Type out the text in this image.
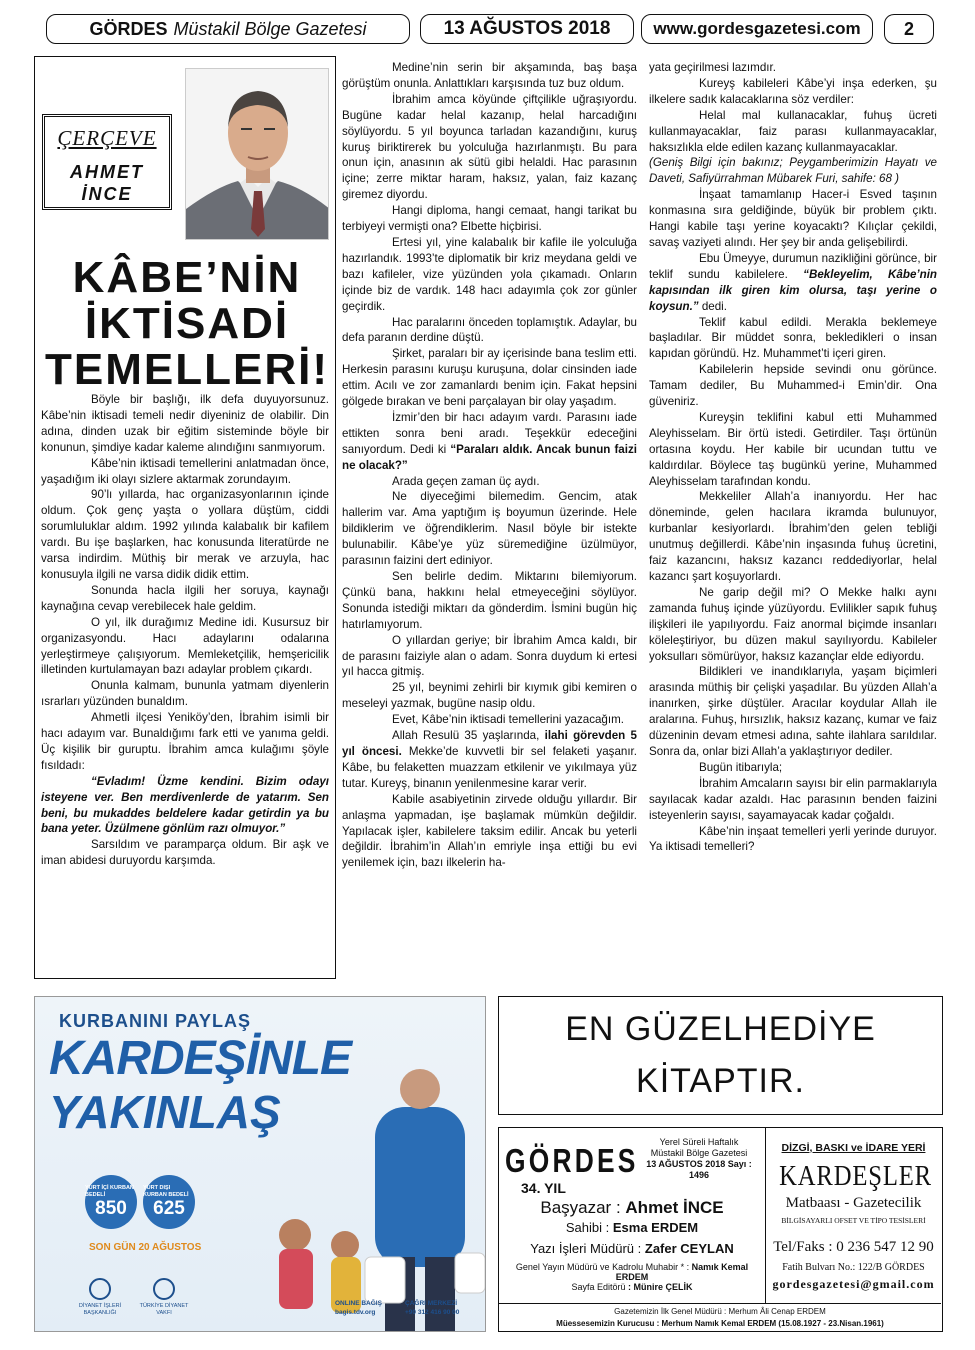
GÖRDES Müstakil Bölge Gazetesi	13 AĞUSTOS 2018	www.gordesgazetesi.com	2
ÇERÇEVE
AHMET
İNCE
KÂBE’NİN
İKTİSADİ
TEMELLERİ!

Böyle bir başlığı, ilk defa duyuyorsunuz. Kâbe’nin iktisadi temeli nedir diyeniniz de olabilir. Din adına, dinden uzak bir eğitim sisteminde böyle bir konunun, şimdiye kadar kaleme alındığını sanmıyorum.

Kâbe’nin iktisadi temellerini anlatmadan önce, yaşadığım iki olayı sizlere aktarmak zorundayım.

90’lı yıllarda, hac organizasyonlarının içinde oldum. Çok genç yaşta o yollara düştüm, ciddi sorumluluklar aldım. 1992 yılında kalabalık bir kafilem vardı. Bu işe başlarken, hac konusunda literatürde ne varsa indirdim. Müthiş bir merak ve arzuyla, hac konusuyla ilgili ne varsa didik didik ettim.

Sonunda hacla ilgili her soruya, kaynağı kaynağına cevap verebilecek hale geldim.

O yıl, ilk durağımız Medine idi. Kusursuz bir organizasyondu. Hacı adaylarını odalarına yerleştirmeye çalışıyorum. Memleketçilik, hemşericilik illetinden kurtulamayan bazı adaylar problem çıkardı.

Onunla kalmam, bununla yatmam diyenlerin ısrarları yüzünden bunaldım.

Ahmetli ilçesi Yeniköy’den, İbrahim isimli bir hacı adayım var. Bunaldığımı fark etti ve yanıma geldi. Üç kişilik bir guruptu. İbrahim amca kulağımı şöyle fısıldadı:

“Evladım! Üzme kendini. Bizim odayı isteyene ver. Ben merdivenlerde de yatarım. Sen beni, bu mukaddes beldelere kadar getirdin ya bu bana yeter. Üzülmene gönlüm razı olmuyor.”

Sarsıldım ve paramparça oldum. Bir aşk ve iman abidesi duruyordu karşımda.

Medine’nin serin bir akşamında, baş başa görüştüm onunla. Anlattıkları karşısında tuz buz oldum.

İbrahim amca köyünde çiftçilikle uğraşıyordu. Bugüne kadar helal kazanıp, helal harcadığını söylüyordu. 5 yıl boyunca tarladan kazandığını, kuruş kuruş biriktirerek bu yolculuğa hazırlanmıştı. Bu para onun için, anasının ak sütü gibi helaldi. Hac parasının içine; zerre miktar haram, haksız, yalan, faiz kazanç giremez diyordu.

Hangi diploma, hangi cemaat, hangi tarikat bu terbiyeyi vermişti ona? Elbette hiçbirisi.

Ertesi yıl, yine kalabalık bir kafile ile yolculuğa hazırlandık. 1993’te diplomatik bir kriz meydana geldi ve bazı kafileler, vize yüzünden yola çıkamadı. Onların içinde biz de vardık. 148 hacı adayımla çok zor günler geçirdik.

Hac paralarını önceden toplamıştık. Adaylar, bu defa paranın derdine düştü.

Şirket, paraları bir ay içerisinde bana teslim etti. Herkesin parasını kuruşu kuruşuna, dolar cinsinden iade ettim. Acılı ve zor zamanlardı benim için. Fakat hepsini gölgede bırakan ve beni parçalayan bir olay yaşadım.

İzmir’den bir hacı adayım vardı. Parasını iade ettikten sonra beni aradı. Teşekkür edeceğini sanıyordum. Dedi ki “Paraları aldık. Ancak bunun faizi ne olacak?”

Arada geçen zaman üç aydı.

Ne diyeceğimi bilemedim. Gencim, atak hallerim var. Ama yaptığım iş boyumun üzerinde. Hele bildiklerim ve öğrendiklerim. Nasıl böyle bir istekte bulunabilir. Kâbe’ye yüz süremediğine üzülmüyor, parasının faizini dert ediniyor.

Sen belirle dedim. Miktarını bilemiyorum. Çünkü bana, hakkını helal etmeyeceğini söylüyor. Sonunda istediği miktarı da gönderdim. İsmini bugün hiç hatırlamıyorum.

O yıllardan geriye; bir İbrahim Amca kaldı, bir de parasını faiziyle alan o adam. Sonra duydum ki ertesi yıl hacca gitmiş.

25 yıl, beynimi zehirli bir kıymık gibi kemiren o meseleyi yazmak, bugüne nasip oldu.

Evet, Kâbe’nin iktisadi temellerini yazacağım.

Allah Resulü 35 yaşlarında, ilahi görevden 5 yıl öncesi. Mekke’de kuvvetli bir sel felaketi yaşanır. Kâbe, bu felaketten muazzam etkilenir ve yıkılmaya yüz tutar. Kureyş, binanın yenilenmesine karar verir.

Kabile asabiyetinin zirvede olduğu yıllardır. Bir anlaşma yapmadan, işe başlamak mümkün değildir. Yapılacak işler, kabilelere taksim edilir. Ancak bu yeterli değildir. İbrahim’in Allah’ın emriyle inşa ettiği bu evi yenilemek için, bazı ilkelerin ha-

yata geçirilmesi lazımdır.

Kureyş kabileleri Kâbe’yi inşa ederken, şu ilkelere sadık kalacaklarına söz verdiler:

Helal mal kullanacaklar, fuhuş ücreti kullanmayacaklar, faiz parası kullanmayacaklar, haksızlıkla elde edilen kazanç kullanmayacaklar.

(Geniş Bilgi için bakınız; Peygamberimizin Hayatı ve Daveti, Safiyürrahman Mübarek Furi, sahife: 68 )

İnşaat tamamlanıp Hacer-i Esved taşının konmasına sıra geldiğinde, büyük bir problem çıktı. Hangi kabile taşı yerine koyacaktı? Kılıçlar çekildi, savaş vaziyeti alındı. Her şey bir anda gelişebilirdi.

Ebu Ümeyye, durumun nazikliğini görünce, bir teklif sundu kabilelere. “Bekleyelim, Kâbe’nin kapısından ilk giren kim olursa, taşı yerine o koysun.” dedi.

Teklif kabul edildi. Merakla beklemeye başladılar. Bir müddet sonra, bekledikleri o insan kapıdan göründü. Hz. Muhammet’ti içeri giren.

Kabilelerin hepside sevindi onu görünce. Tamam dediler, Bu Muhammed-i Emin’dir. Ona güveniriz.

Kureyşin teklifini kabul etti Muhammed Aleyhisselam. Bir örtü istedi. Getirdiler. Taşı örtünün ortasına koydu. Her kabile bir ucundan tuttu ve kaldırdılar. Böylece taş bugünkü yerine, Muhammed Aleyhisselam tarafından kondu.

Mekkeliler Allah’a inanıyordu. Her hac döneminde, gelen hacılara ikramda bulunuyor, kurbanlar kesiyorlardı. İbrahim’den gelen tebliği unutmuş değillerdi. Kâbe’nin inşasında fuhuş ücretini, faiz kazancını, haksız kazancı reddediyorlar, helal kazancı şart koşuyorlardı.

Ne garip değil mi? O Mekke halkı aynı zamanda fuhuş içinde yüzüyordu. Evlilikler sapık fuhuş ilişkileri ile yapılıyordu. Faiz anormal biçimde insanları köleleştiriyor, bu düzen makul sayılıyordu. Kabileler yoksulları sömürüyor, haksız kazançlar elde ediyordu.

Bildikleri ve inandıklarıyla, yaşam biçimleri arasında müthiş bir çelişki yaşadılar. Bu yüzden Allah’a inanırken, şirke düştüler. Aracılar koydular Allah ile aralarına. Fuhuş, hırsızlık, haksız kazanç, kumar ve faiz düzeninin devam etmesi adına, sahte ilahlara sarıldılar. Sonra da, onlar bizi Allah’a yaklaştırıyor dediler.

Bugün itibarıyla;

İbrahim Amcaların sayısı bir elin parmaklarıyla sayılacak kadar azaldı. Hac parasının benden faizini isteyenlerin sayısı, sayamayacak kadar çoğaldı.

Kâbe’nin inşaat temelleri yerli yerinde duruyor. Ya iktisadi temelleri?

KURBANINI PAYLAŞ
KARDEŞİNLE
YAKINLAŞ
YURT İÇİ KURBAN BEDELİ
850
YURT DIŞI KURBAN BEDELİ
625
SON GÜN 20 AĞUSTOS
DİYANET İŞLERİ BAŞKANLIĞI
TÜRKİYE DİYANET VAKFI
ONLINE BAĞIŞ
bagis.tdv.org
ÇAĞRI MERKEZİ
+90 312 416 90 00
EN GÜZELHEDİYE
KİTAPTIR.
GÖRDES
34. YIL
Yerel Süreli Haftalık
Müstakil Bölge Gazetesi
13 AĞUSTOS 2018 Sayı : 1496
Başyazar : Ahmet İNCE
Sahibi : Esma ERDEM
Yazı İşleri Müdürü : Zafer CEYLAN
Genel Yayın Müdürü ve Kadrolu Muhabir * : Namık Kemal ERDEM
Sayfa Editörü : Münire ÇELİK
DİZGİ, BASKI ve İDARE YERİ
KARDEŞLER
Matbaası - Gazetecilik
BİLGİSAYARLI OFSET VE TİPO TESİSLERİ
Tel/Faks : 0 236 547 12 90
Fatih Bulvarı No.: 122/B GÖRDES
gordesgazetesi@gmail.com
Gazetemizin İlk Genel Müdürü : Merhum Âli Cenap ERDEM
Müessesemizin Kurucusu : Merhum Namık Kemal ERDEM (15.08.1927 - 23.Nisan.1961)
